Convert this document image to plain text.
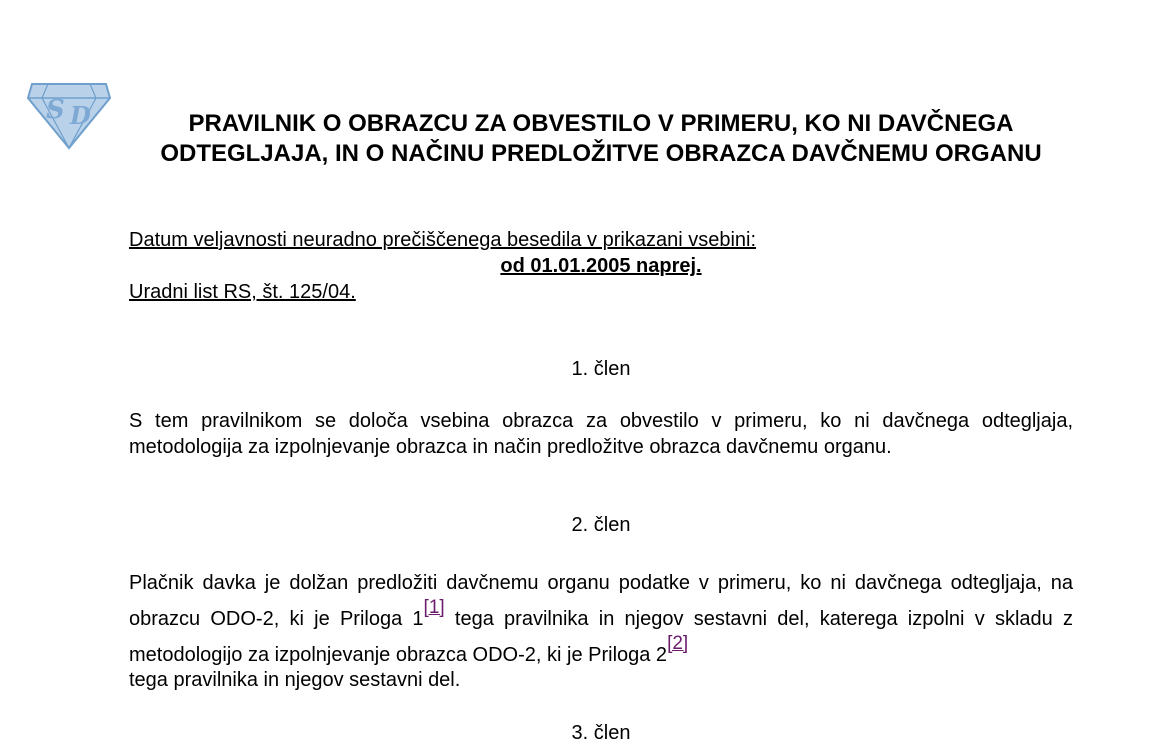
S D	PRAVILNIK O OBRAZCU ZA OBVESTILO V PRIMERU, KO NI DAVČNEGA ODTEGLJAJA, IN O NAČINU PREDLOŽITVE OBRAZCA DAVČNEMU ORGANU
Datum veljavnosti neuradno prečiščenega besedila v prikazani vsebini:
od 01.01.2005 naprej.
Uradni list RS, št. 125/04.
1. člen
S tem pravilnikom se določa vsebina obrazca za obvestilo v primeru, ko ni davčnega odtegljaja, metodologija za izpolnjevanje obrazca in način predložitve obrazca davčnemu organu.
2. člen
Plačnik davka je dolžan predložiti davčnemu organu podatke v primeru, ko ni davčnega odtegljaja, na obrazcu ODO-2, ki je Priloga 1[1] tega pravilnika in njegov sestavni del, katerega izpolni v skladu z metodologijo za izpolnjevanje obrazca ODO-2, ki je Priloga 2[2]
tega pravilnika in njegov sestavni del.
3. člen
